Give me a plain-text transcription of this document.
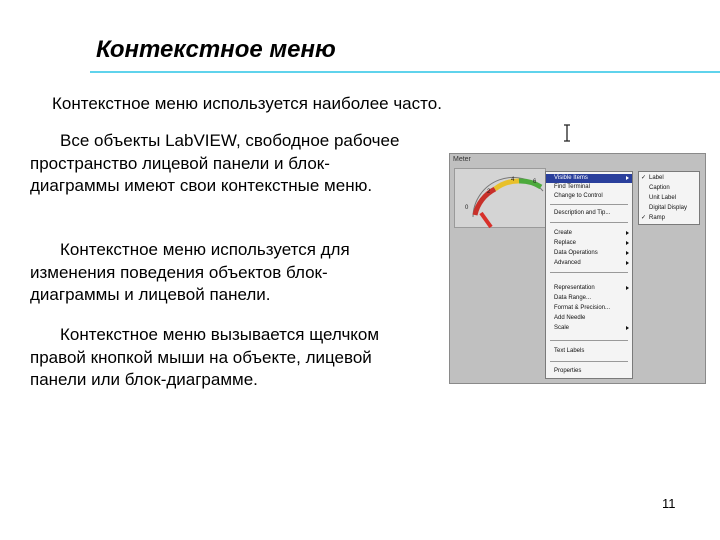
Контекстное меню
Контекстное меню используется наиболее часто.
Все объекты LabVIEW, свободное рабочее пространство лицевой панели и блок-диаграммы имеют свои контекстные меню.
Контекстное меню используется для изменения поведения объектов блок-диаграммы и лицевой панели.
Контекстное меню вызывается щелчком правой кнопкой мыши на объекте, лицевой панели или блок-диаграмме.
Meter
0
2
4	6
Visible Items
Find Terminal
Change to Control
Description and Tip...
Create
Replace
Data Operations
Advanced
Representation
Data Range...
Format & Precision...
Add Needle
Scale
Text Labels
Properties
✓ Label
Caption
Unit Label
Digital Display
✓ Ramp
11
